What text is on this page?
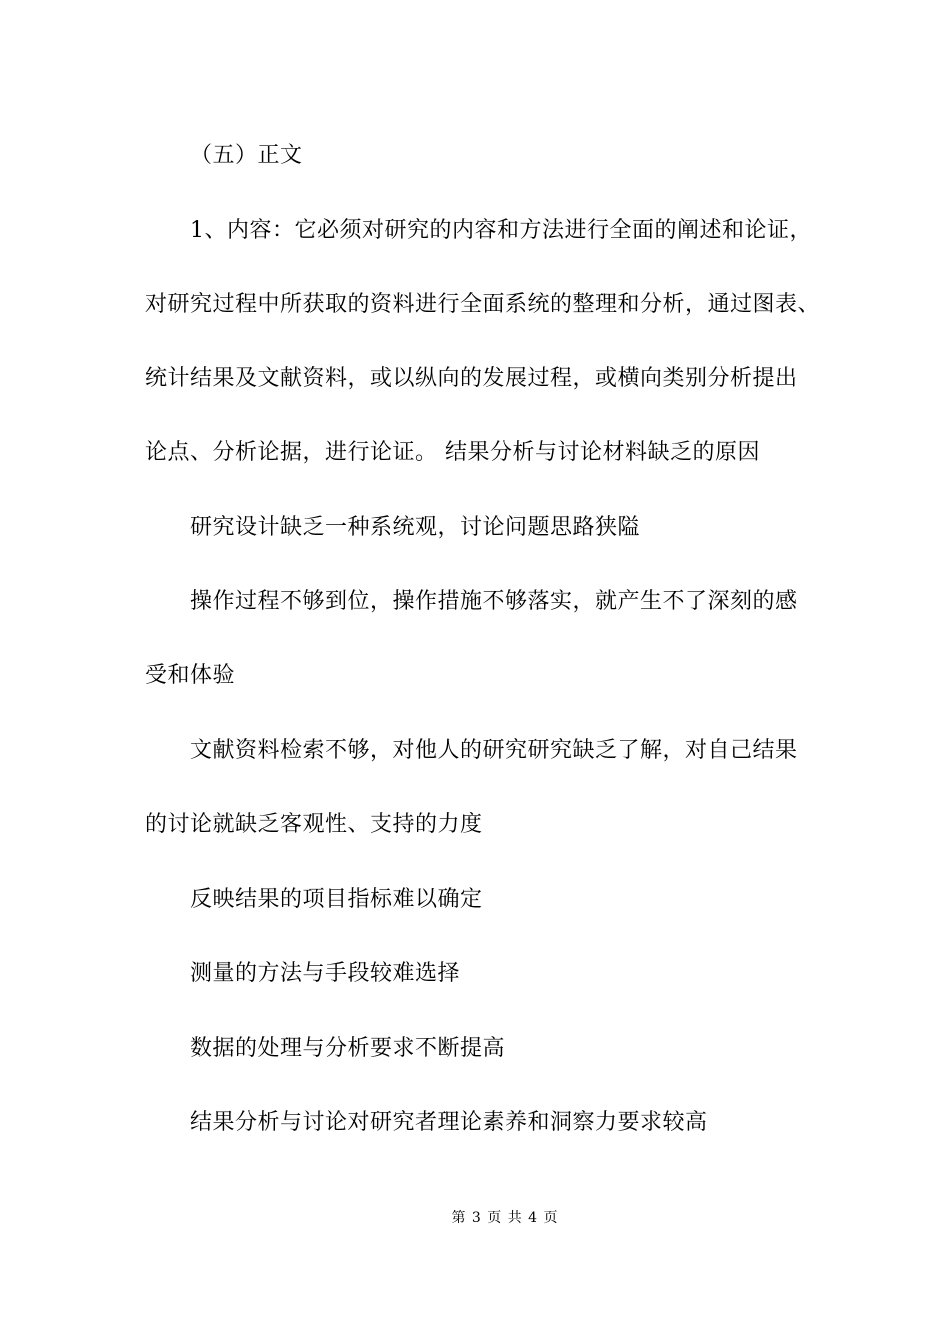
（五）正文
1、内容：它必须对研究的内容和方法进行全面的阐述和论证，
对研究过程中所获取的资料进行全面系统的整理和分析，通过图表、
统计结果及文献资料，或以纵向的发展过程，或横向类别分析提出
论点、分析论据，进行论证。 结果分析与讨论材料缺乏的原因
研究设计缺乏一种系统观，讨论问题思路狭隘
操作过程不够到位，操作措施不够落实，就产生不了深刻的感
受和体验
文献资料检索不够，对他人的研究研究缺乏了解，对自己结果
的讨论就缺乏客观性、支持的力度
反映结果的项目指标难以确定
测量的方法与手段较难选择
数据的处理与分析要求不断提高
结果分析与讨论对研究者理论素养和洞察力要求较高
第 3 页 共 4 页
